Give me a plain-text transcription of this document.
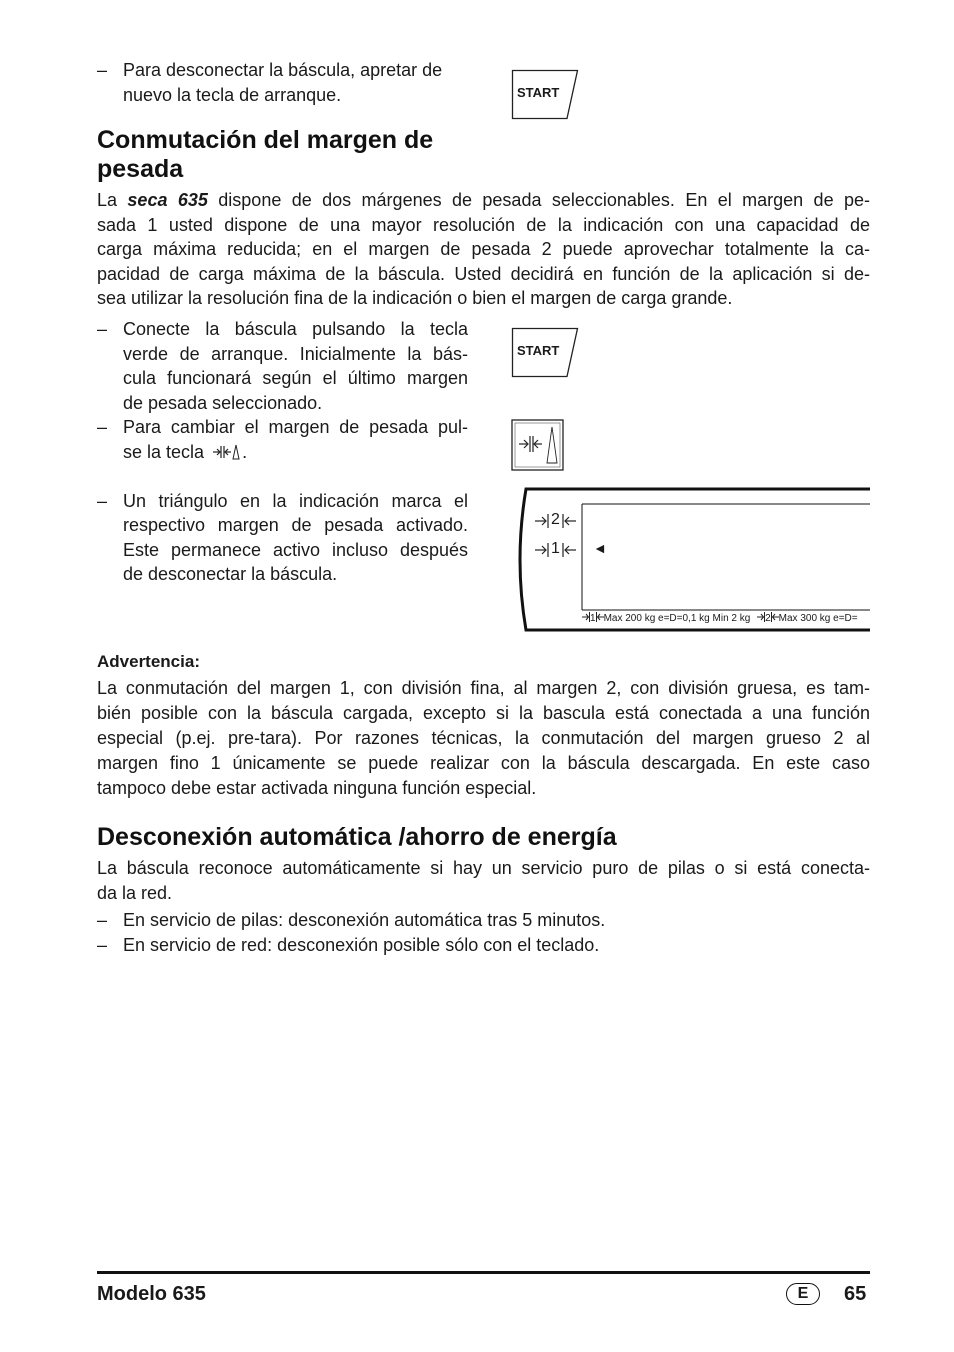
– Para desconectar la báscula, apretar de
nuevo la tecla de arranque.	START
Conmutación del margen de
pesada
La seca 635 dispone de dos márgenes de pesada seleccionables. En el margen de pe-
sada 1 usted dispone de una mayor resolución de la indicación con una capacidad de
carga máxima reducida; en el margen de pesada 2 puede aprovechar totalmente la ca-
pacidad de carga máxima de la báscula. Usted decidirá en función de la aplicación si de-
sea utilizar la resolución fina de la indicación o bien el margen de carga grande.
– Conecte la báscula pulsando la tecla
verde de arranque. Inicialmente la bás-
cula funcionará según el último margen
de pesada seleccionado.
– Para cambiar el margen de pesada pul-
se la tecla .
– Un triángulo en la indicación marca el
respectivo margen de pesada activado.
Este permanece activo incluso después
de desconectar la báscula.
START
2
1 ◄
1 Max 200 kg e=D=0,1 kg Min 2 kg 2 Max 300 kg e=D=
Advertencia:
La conmutación del margen 1, con división fina, al margen 2, con división gruesa, es tam-
bién posible con la báscula cargada, excepto si la bascula está conectada a una función
especial (p.ej. pre-tara). Por razones técnicas, la conmutación del margen grueso 2 al
margen fino 1 únicamente se puede realizar con la báscula descargada. En este caso
tampoco debe estar activada ninguna función especial.
Desconexión automática /ahorro de energía
La báscula reconoce automáticamente si hay un servicio puro de pilas o si está conecta-
da la red.
– En servicio de pilas: desconexión automática tras 5 minutos.
– En servicio de red: desconexión posible sólo con el teclado.
Modelo 635	E	65
